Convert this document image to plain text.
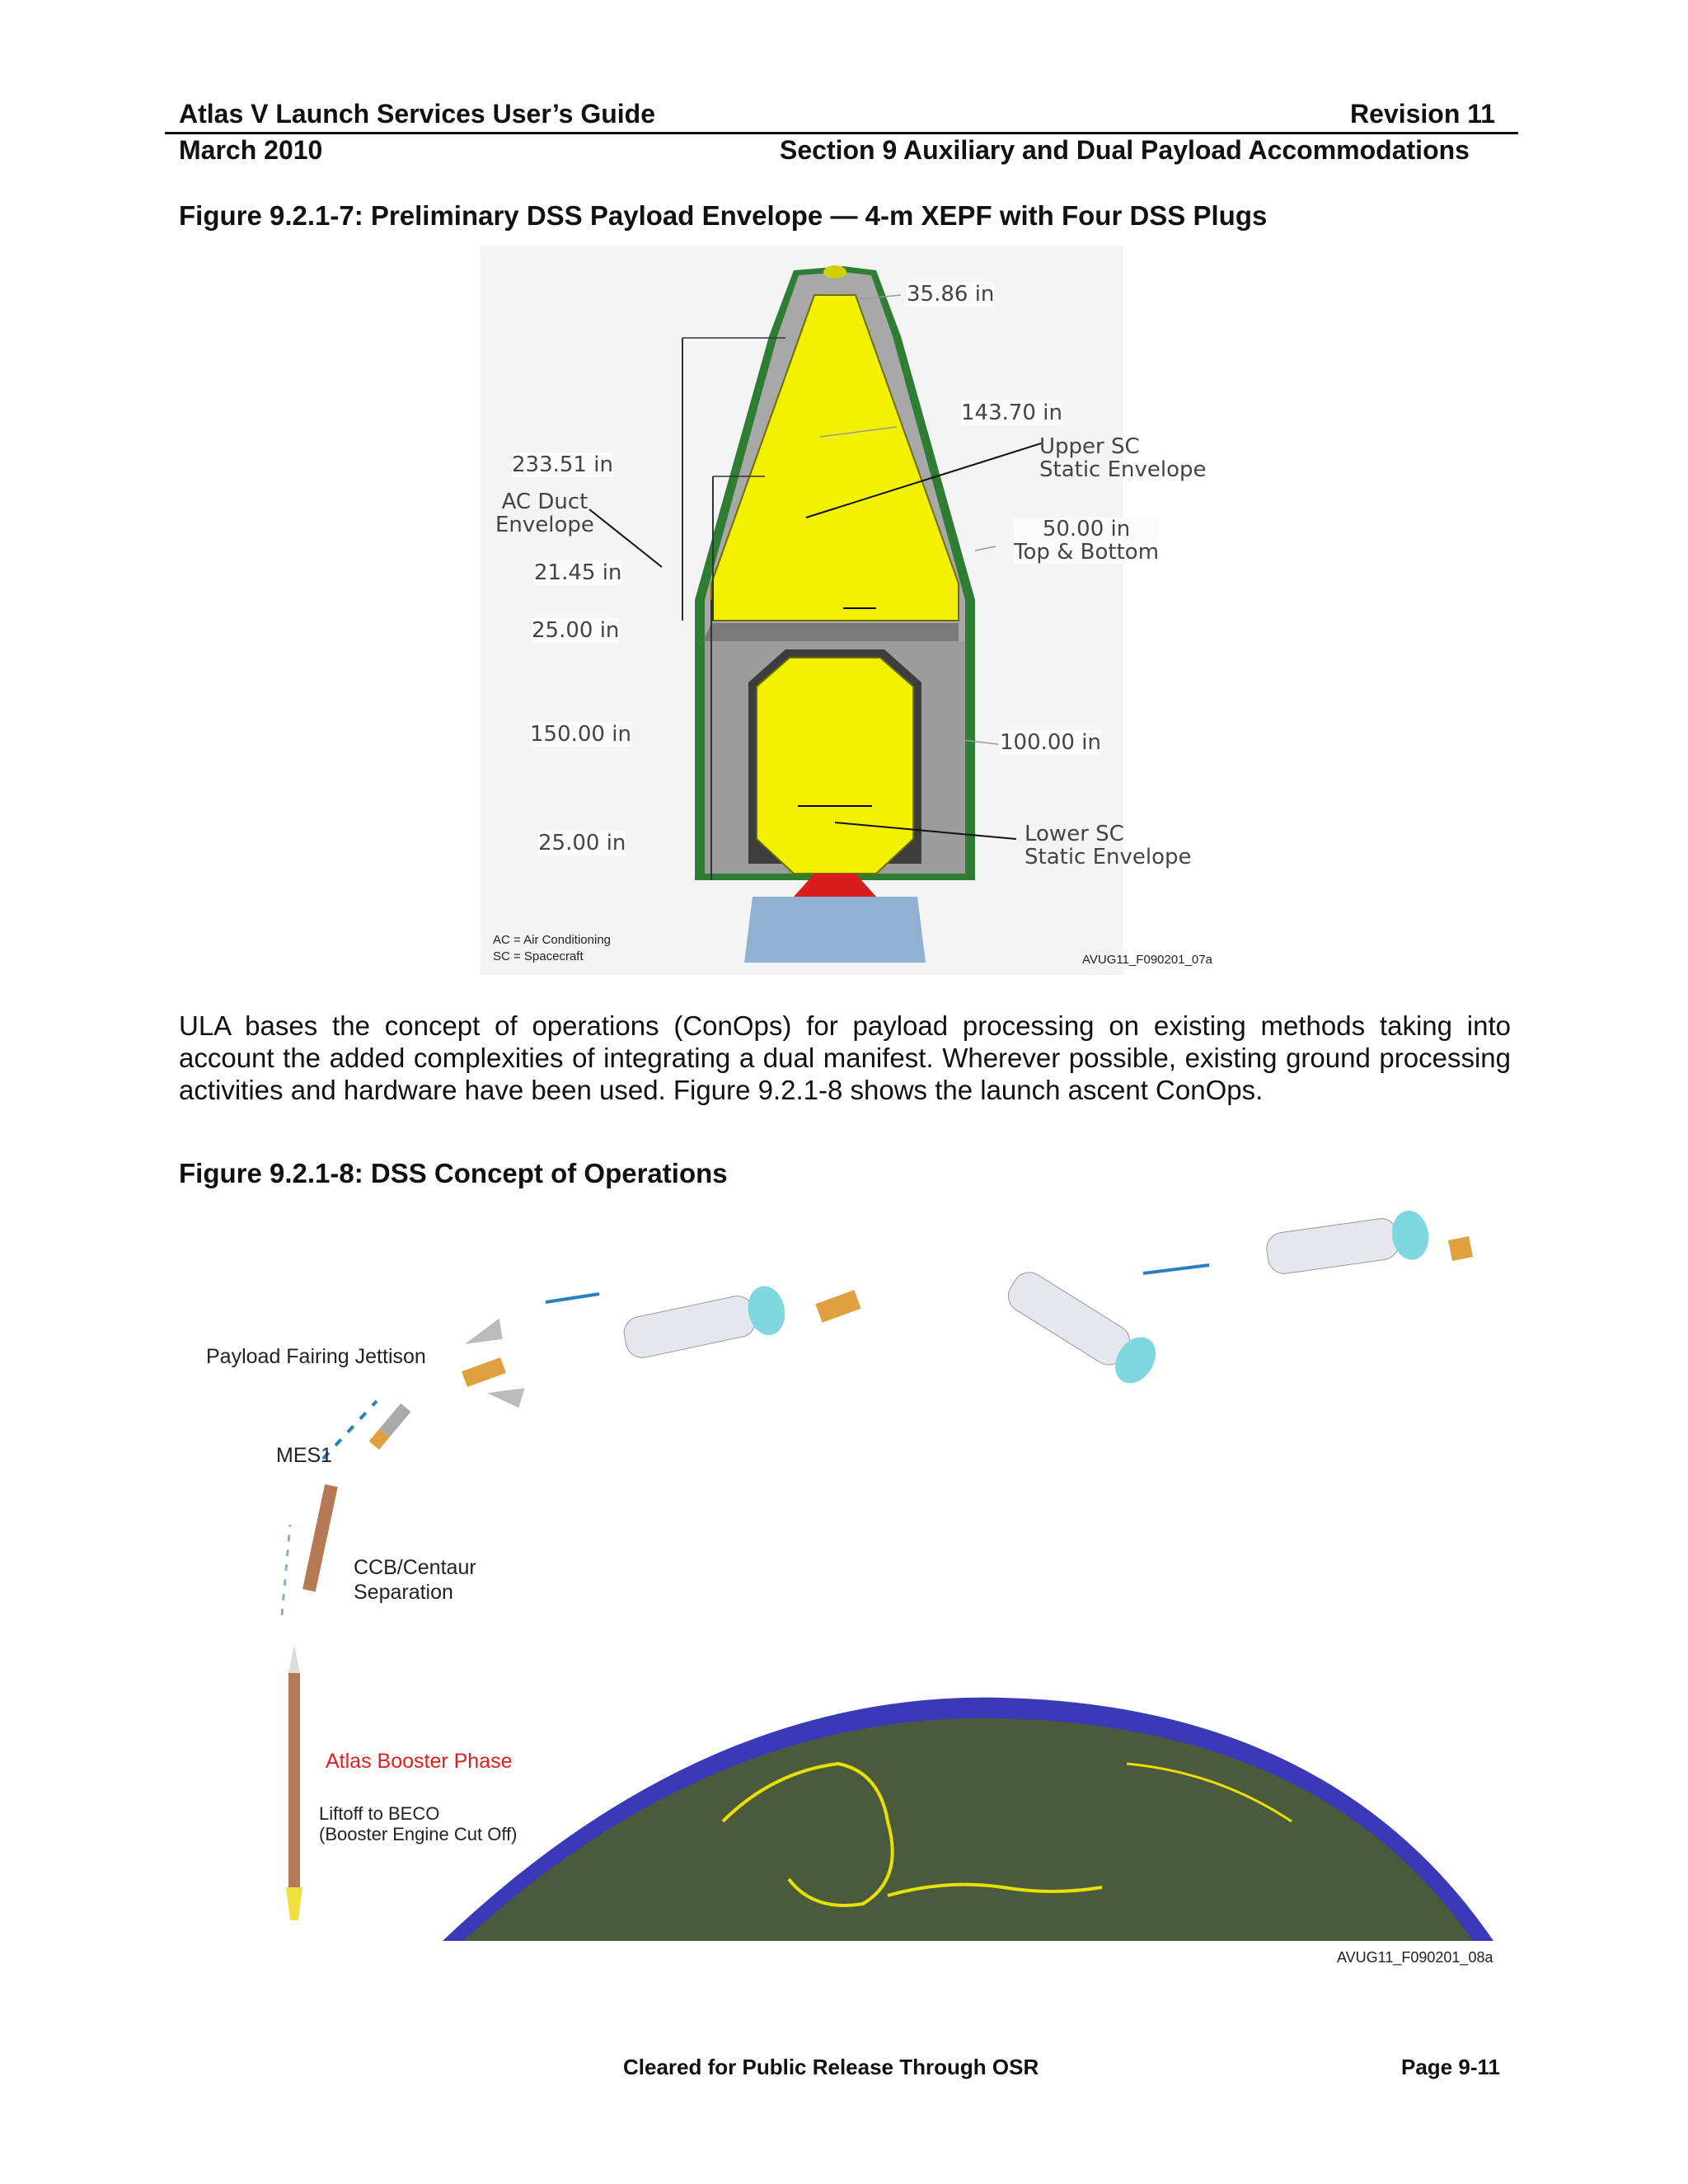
Atlas V Launch Services User’s Guide	Revision 11
March 2010	Section 9 Auxiliary and Dual Payload Accommodations
Figure 9.2.1-7: Preliminary DSS Payload Envelope — 4-m XEPF with Four DSS Plugs
35.86 in
143.70 in
233.51 in
AC Duct
Envelope
Upper SC
Static Envelope
50.00 in
Top & Bottom
21.45 in
25.00 in
150.00 in	100.00 in
Lower SC
Static Envelope
25.00 in
AC = Air Conditioning
SC = Spacecraft	AVUG11_F090201_07a
ULA bases the concept of operations (ConOps) for payload processing on existing methods taking into account the added complexities of integrating a dual manifest. Wherever possible, existing ground processing activities and hardware have been used. Figure 9.2.1-8 shows the launch ascent ConOps.
Figure 9.2.1-8: DSS Concept of Operations
Payload Fairing Jettison
MES1
CCB/Centaur
Separation
Atlas Booster Phase
Liftoff to BECO
(Booster Engine Cut Off)
AVUG11_F090201_08a
Cleared for Public Release Through OSR	Page 9-11
